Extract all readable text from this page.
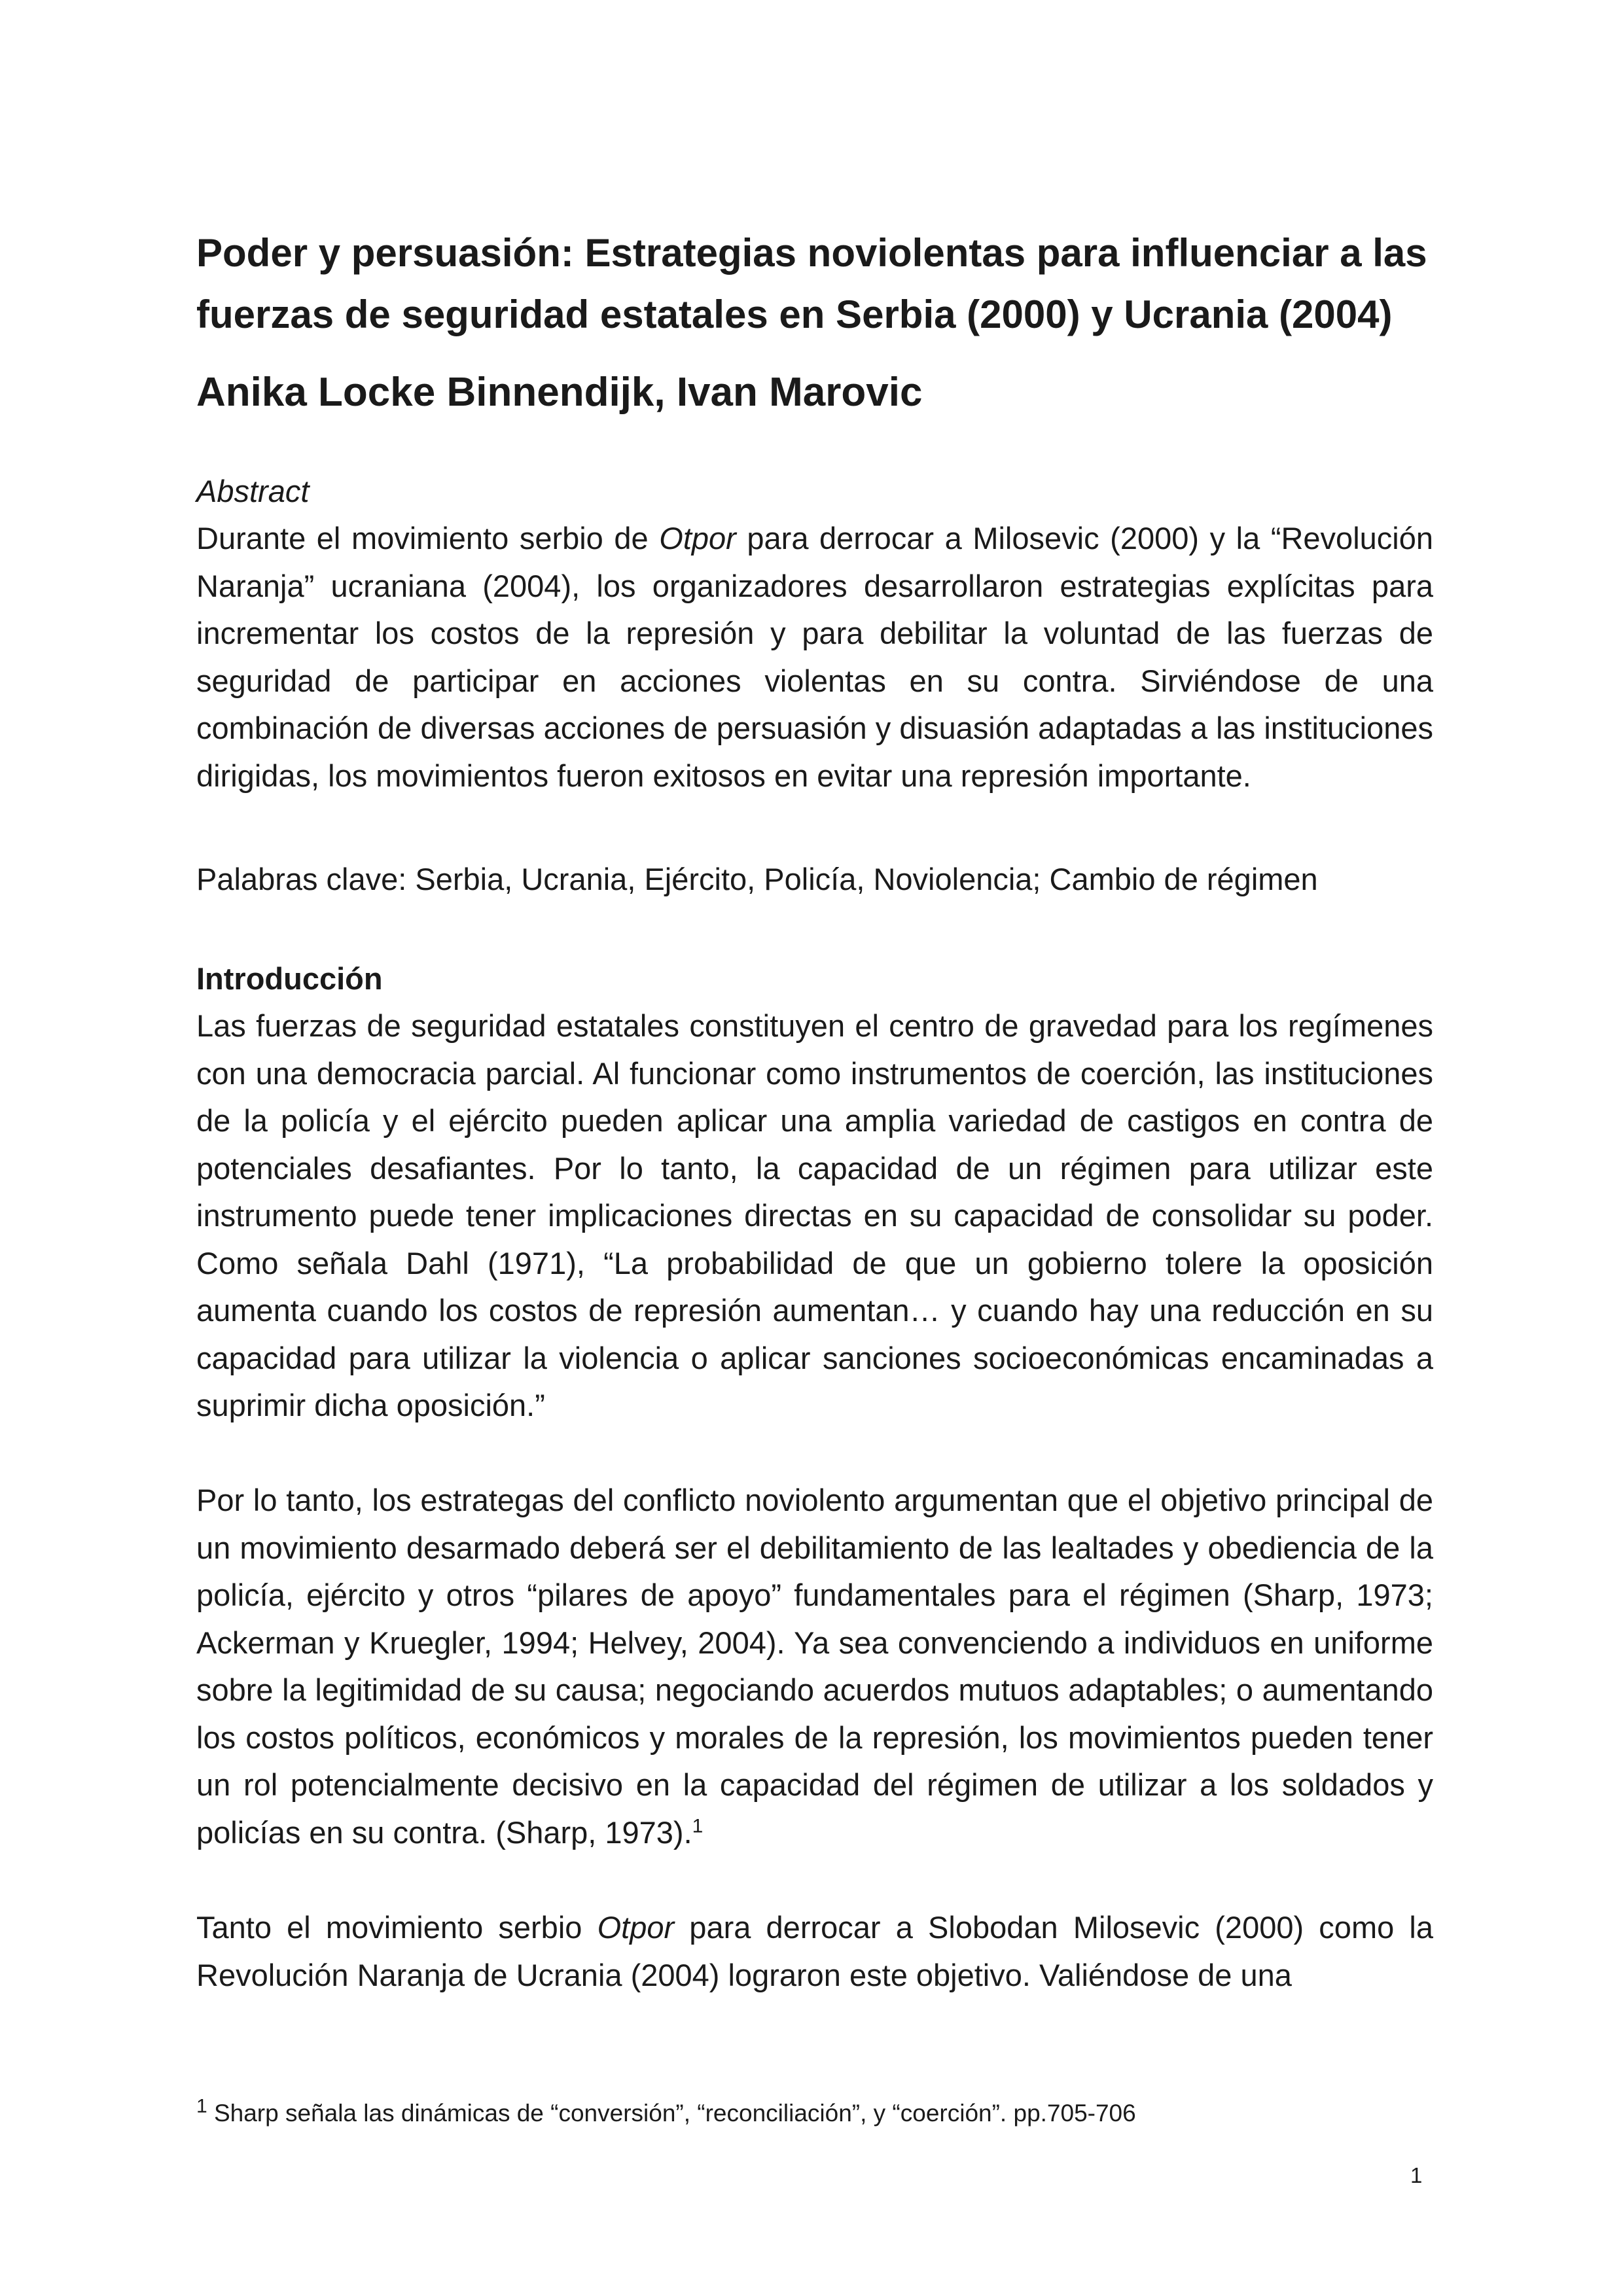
Poder y persuasión: Estrategias noviolentas para influenciar a las
fuerzas de seguridad estatales en Serbia (2000) y Ucrania (2004)
Anika Locke Binnendijk, Ivan Marovic
Abstract

Durante el movimiento serbio de Otpor para derrocar a Milosevic (2000) y la “Revolución Naranja” ucraniana (2004), los organizadores desarrollaron estrategias explícitas para incrementar los costos de la represión y para debilitar la voluntad de las fuerzas de seguridad de participar en acciones violentas en su contra. Sirviéndose de una combinación de diversas acciones de persuasión y disuasión adaptadas a las instituciones dirigidas, los movimientos fueron exitosos en evitar una represión importante.

Palabras clave: Serbia, Ucrania, Ejército, Policía, Noviolencia; Cambio de régimen

Introducción

Las fuerzas de seguridad estatales constituyen el centro de gravedad para los regímenes con una democracia parcial. Al funcionar como instrumentos de coerción, las instituciones de la policía y el ejército pueden aplicar una amplia variedad de castigos en contra de potenciales desafiantes. Por lo tanto, la capacidad de un régimen para utilizar este instrumento puede tener implicaciones directas en su capacidad de consolidar su poder. Como señala Dahl (1971), “La probabilidad de que un gobierno tolere la oposición aumenta cuando los costos de represión aumentan… y cuando hay una reducción en su capacidad para utilizar la violencia o aplicar sanciones socioeconómicas encaminadas a suprimir dicha oposición.”

Por lo tanto, los estrategas del conflicto noviolento argumentan que el objetivo principal de un movimiento desarmado deberá ser el debilitamiento de las lealtades y obediencia de la policía, ejército y otros “pilares de apoyo” fundamentales para el régimen (Sharp, 1973; Ackerman y Kruegler, 1994; Helvey, 2004). Ya sea convenciendo a individuos en uniforme sobre la legitimidad de su causa; negociando acuerdos mutuos adaptables; o aumentando los costos políticos, económicos y morales de la represión, los movimientos pueden tener un rol potencialmente decisivo en la capacidad del régimen de utilizar a los soldados y policías en su contra. (Sharp, 1973).$^1$

Tanto el movimiento serbio Otpor para derrocar a Slobodan Milosevic (2000) como la Revolución Naranja de Ucrania (2004) lograron este objetivo. Valiéndose de una

$^1$ Sharp señala las dinámicas de “conversión”, “reconciliación”, y “coerción”. pp.705-706

1
